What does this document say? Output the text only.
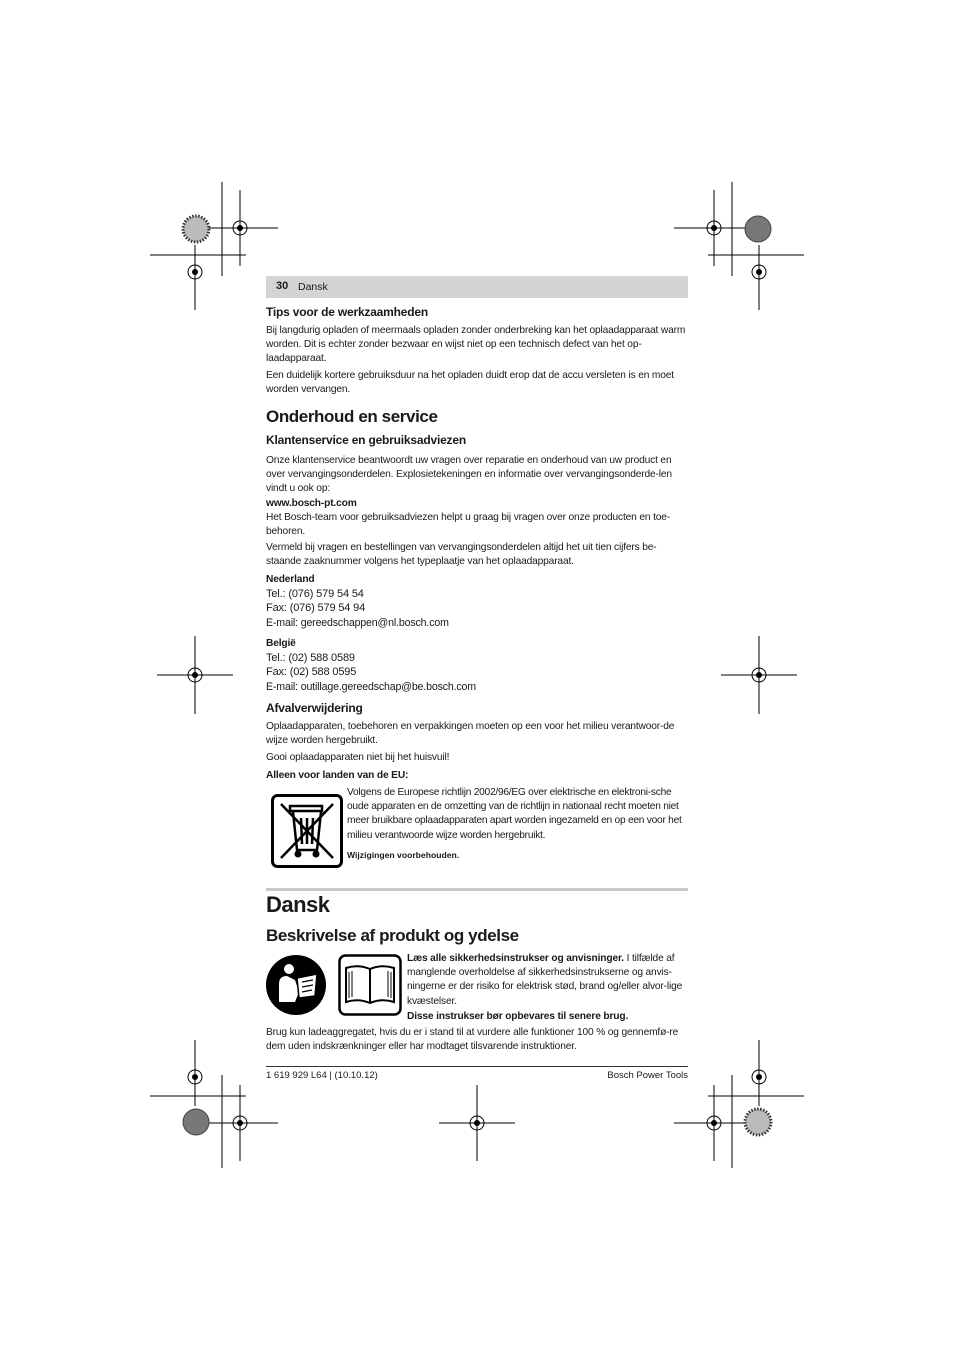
30 Dansk

Tips voor de werkzaamheden

Bij langdurig opladen of meermaals opladen zonder onderbreking kan het oplaadapparaat warm worden. Dit is echter zonder bezwaar en wijst niet op een technisch defect van het op-laadapparaat.

Een duidelijk kortere gebruiksduur na het opladen duidt erop dat de accu versleten is en moet worden vervangen.

Onderhoud en service

Klantenservice en gebruiksadviezen

Onze klantenservice beantwoordt uw vragen over reparatie en onderhoud van uw product en over vervangingsonderdelen. Explosietekeningen en informatie over vervangingsonderde-len vindt u ook op:

www.bosch-pt.com

Het Bosch-team voor gebruiksadviezen helpt u graag bij vragen over onze producten en toe-behoren.

Vermeld bij vragen en bestellingen van vervangingsonderdelen altijd het uit tien cijfers be-staande zaaknummer volgens het typeplaatje van het oplaadapparaat.

Nederland

Tel.: (076) 579 54 54

Fax: (076) 579 54 94

E-mail: gereedschappen@nl.bosch.com

België

Tel.: (02) 588 0589

Fax: (02) 588 0595

E-mail: outillage.gereedschap@be.bosch.com

Afvalverwijdering

Oplaadapparaten, toebehoren en verpakkingen moeten op een voor het milieu verantwoor-de wijze worden hergebruikt.

Gooi oplaadapparaten niet bij het huisvuil!

Alleen voor landen van de EU:

Volgens de Europese richtlijn 2002/96/EG over elektrische en elektroni-sche oude apparaten en de omzetting van de richtlijn in nationaal recht moeten niet meer bruikbare oplaadapparaten apart worden ingezameld en op een voor het milieu verantwoorde wijze worden hergebruikt.

Wijzigingen voorbehouden.

Dansk

Beskrivelse af produkt og ydelse

Læs alle sikkerhedsinstrukser og anvisninger. I tilfælde af manglende overholdelse af sikkerhedsinstrukserne og anvis-ningerne er der risiko for elektrisk stød, brand og/eller alvor-lige kvæstelser.

Disse instrukser bør opbevares til senere brug.

Brug kun ladeaggregatet, hvis du er i stand til at vurdere alle funktioner 100 % og gennemfø-re dem uden indskrænkninger eller har modtaget tilsvarende instruktioner.

1 619 929 L64 | (10.10.12)	Bosch Power Tools
